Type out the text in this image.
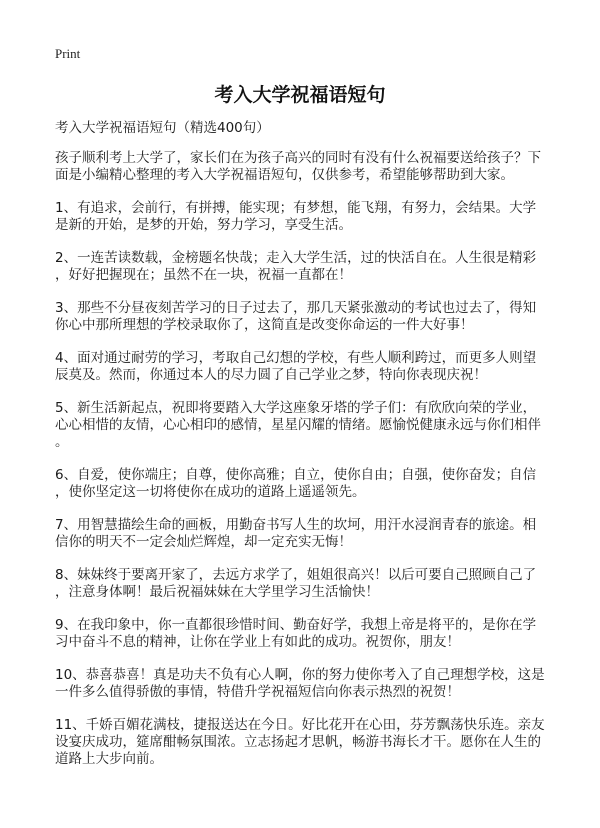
Print
考入大学祝福语短句
考入大学祝福语短句（精选400句）
孩子顺利考上大学了，家长们在为孩子高兴的同时有没有什么祝福要送给孩子？下
面是小编精心整理的考入大学祝福语短句，仅供参考，希望能够帮助到大家。
1、有追求，会前行，有拼搏，能实现；有梦想，能飞翔，有努力，会结果。大学
是新的开始，是梦的开始，努力学习，享受生活。
2、一连苦读数载，金榜题名快哉；走入大学生活，过的快活自在。人生很是精彩
，好好把握现在；虽然不在一块，祝福一直都在！
3、那些不分昼夜刻苦学习的日子过去了，那几天紧张激动的考试也过去了，得知
你心中那所理想的学校录取你了，这简直是改变你命运的一件大好事！
4、面对通过耐劳的学习，考取自己幻想的学校，有些人顺利跨过，而更多人则望
辰莫及。然而，你通过本人的尽力圆了自己学业之梦，特向你表现庆祝！
5、新生活新起点，祝即将要踏入大学这座象牙塔的学子们：有欣欣向荣的学业，
心心相惜的友情，心心相印的感情，星星闪耀的情绪。愿愉悦健康永远与你们相伴
。
6、自爱，使你端庄；自尊，使你高雅；自立，使你自由；自强，使你奋发；自信
，使你坚定这一切将使你在成功的道路上遥遥领先。
7、用智慧描绘生命的画板，用勤奋书写人生的坎坷，用汗水浸润青春的旅途。相
信你的明天不一定会灿烂辉煌，却一定充实无悔！
8、妹妹终于要离开家了，去远方求学了，姐姐很高兴！以后可要自己照顾自己了
，注意身体啊！最后祝福妹妹在大学里学习生活愉快！
9、在我印象中，你一直都很珍惜时间、勤奋好学，我想上帝是将平的，是你在学
习中奋斗不息的精神，让你在学业上有如此的成功。祝贺你，朋友！
10、恭喜恭喜！真是功夫不负有心人啊，你的努力使你考入了自己理想学校，这是
一件多么值得骄傲的事情，特借升学祝福短信向你表示热烈的祝贺！
11、千娇百媚花满枝，捷报送达在今日。好比花开在心田，芬芳飘荡快乐连。亲友
设宴庆成功，筵席酣畅氛围浓。立志扬起才思帆，畅游书海长才干。愿你在人生的
道路上大步向前。
